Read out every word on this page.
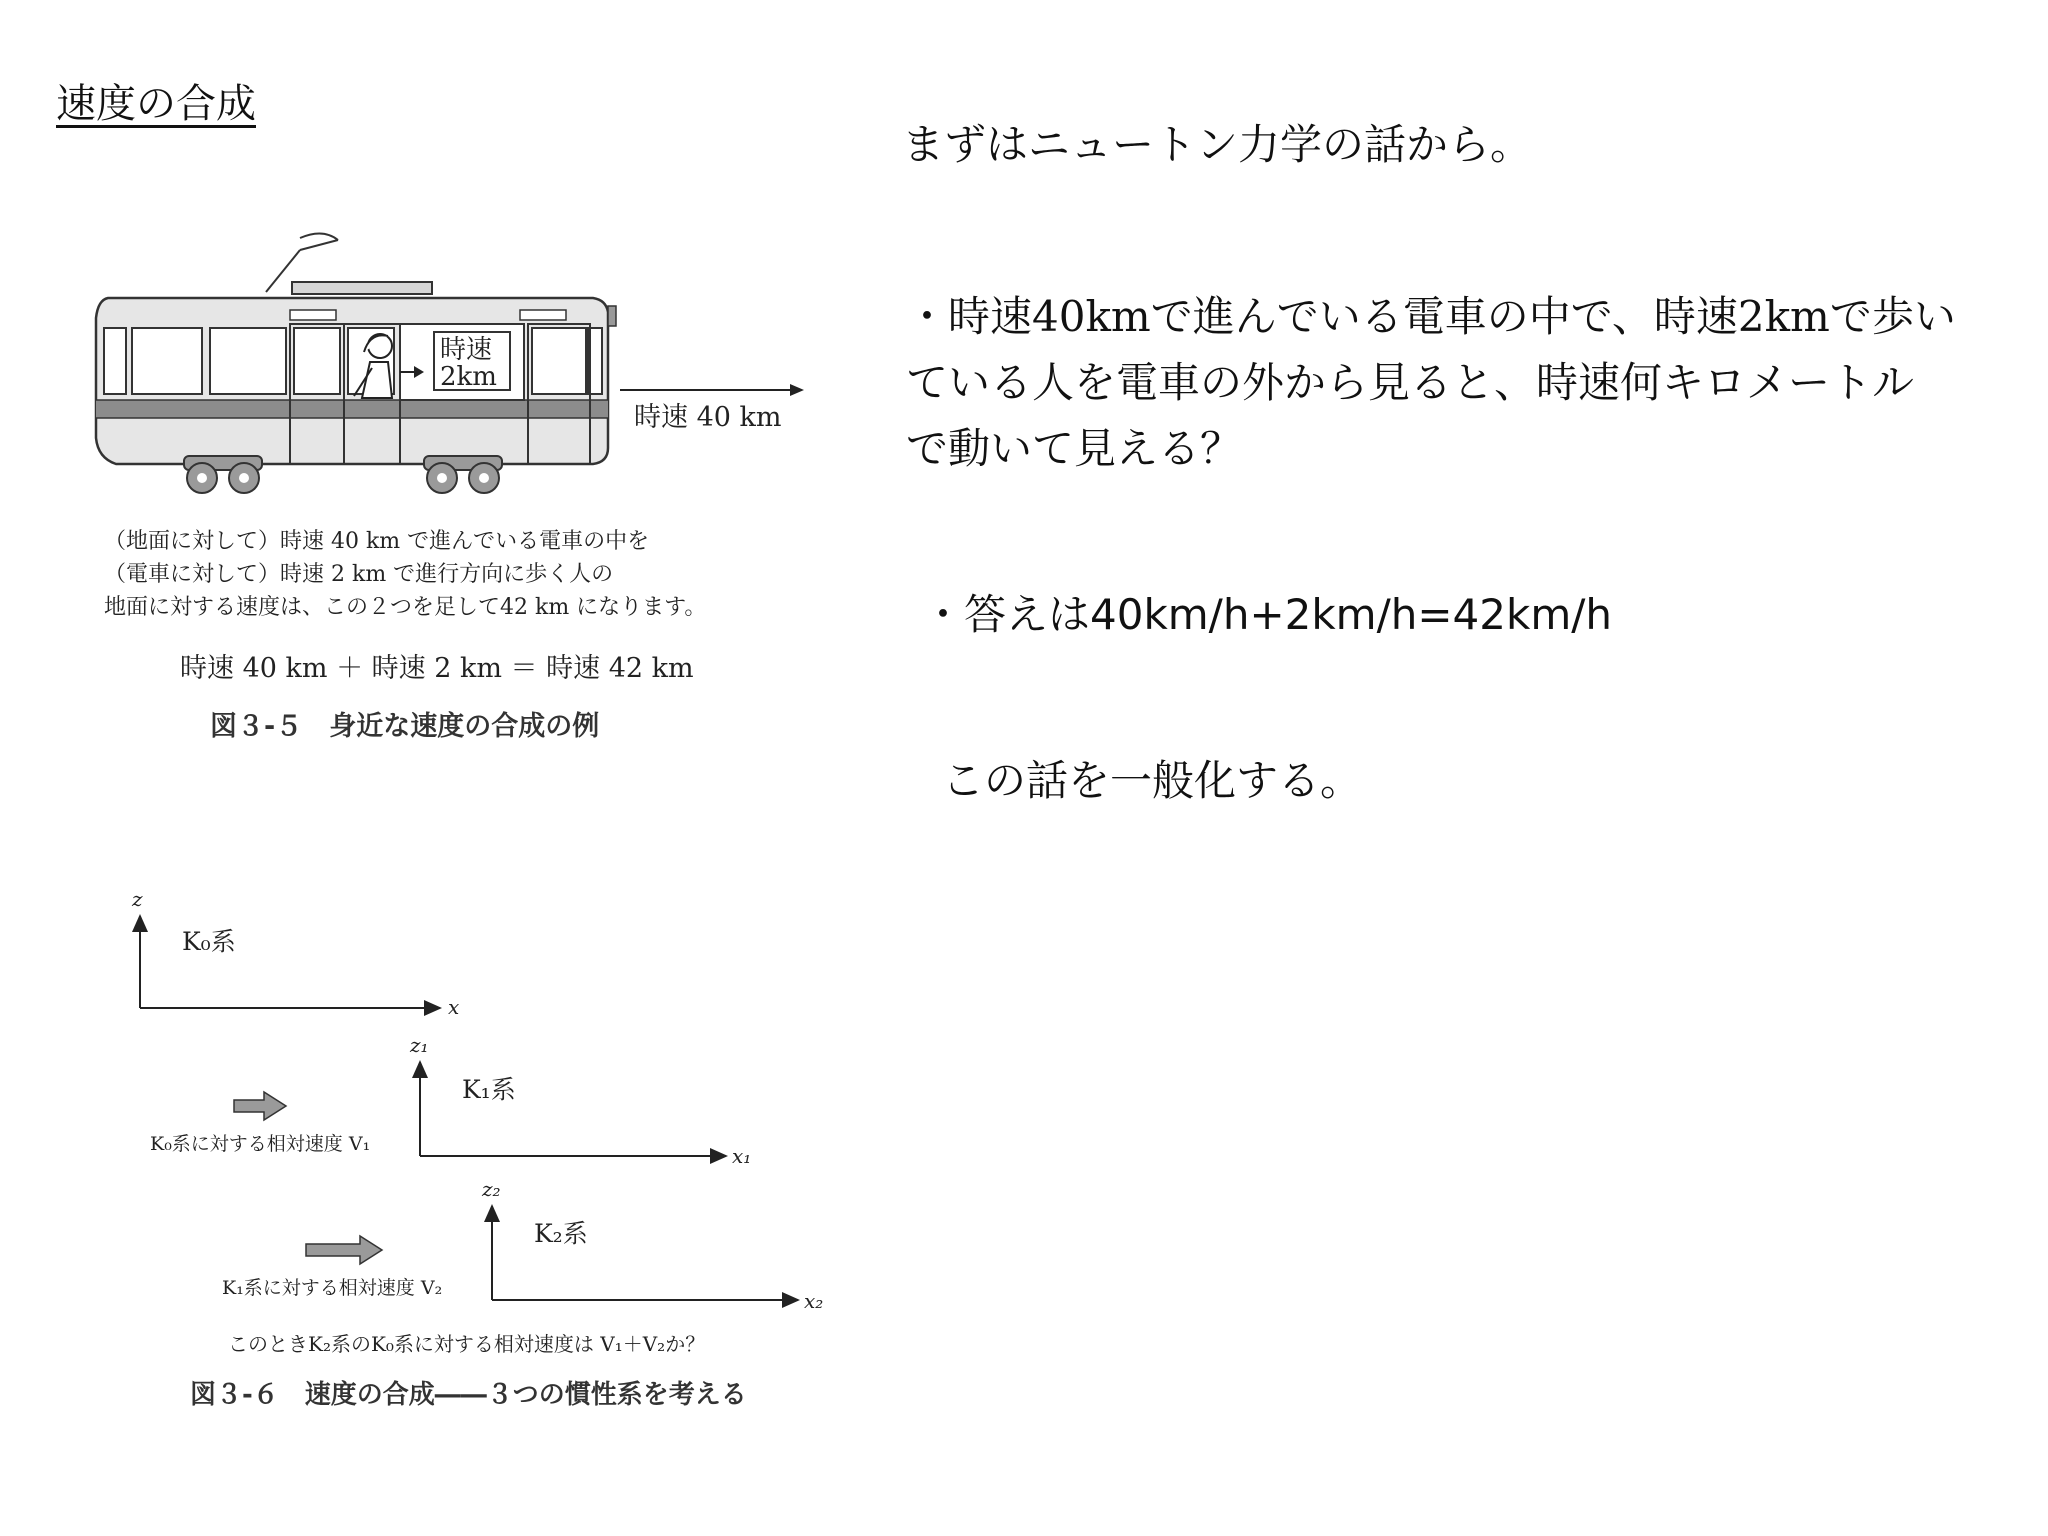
速度の合成
まずはニュートン力学の話から。
・時速40kmで進んでいる電車の中で、時速2kmで歩い
ている人を電車の外から見ると、時速何キロメートル
で動いて見える？
・答えは40km/h+2km/h=42km/h
この話を一般化する。
時速
2km
時速 40 km
（地面に対して）時速 40 km で進んでいる電車の中を
（電車に対して）時速 2 km で進行方向に歩く人の
地面に対する速度は、この２つを足して42 km になります。
時速 40 km ＋ 時速 2 km ＝ 時速 42 km
図３-５　身近な速度の合成の例
z
x
K₀系
z₁
x₁
K₁系
K₀系に対する相対速度 V₁
z₂
x₂
K₂系
K₁系に対する相対速度 V₂
このときK₂系のK₀系に対する相対速度は V₁＋V₂か？
図３-６　速度の合成――３つの慣性系を考える
